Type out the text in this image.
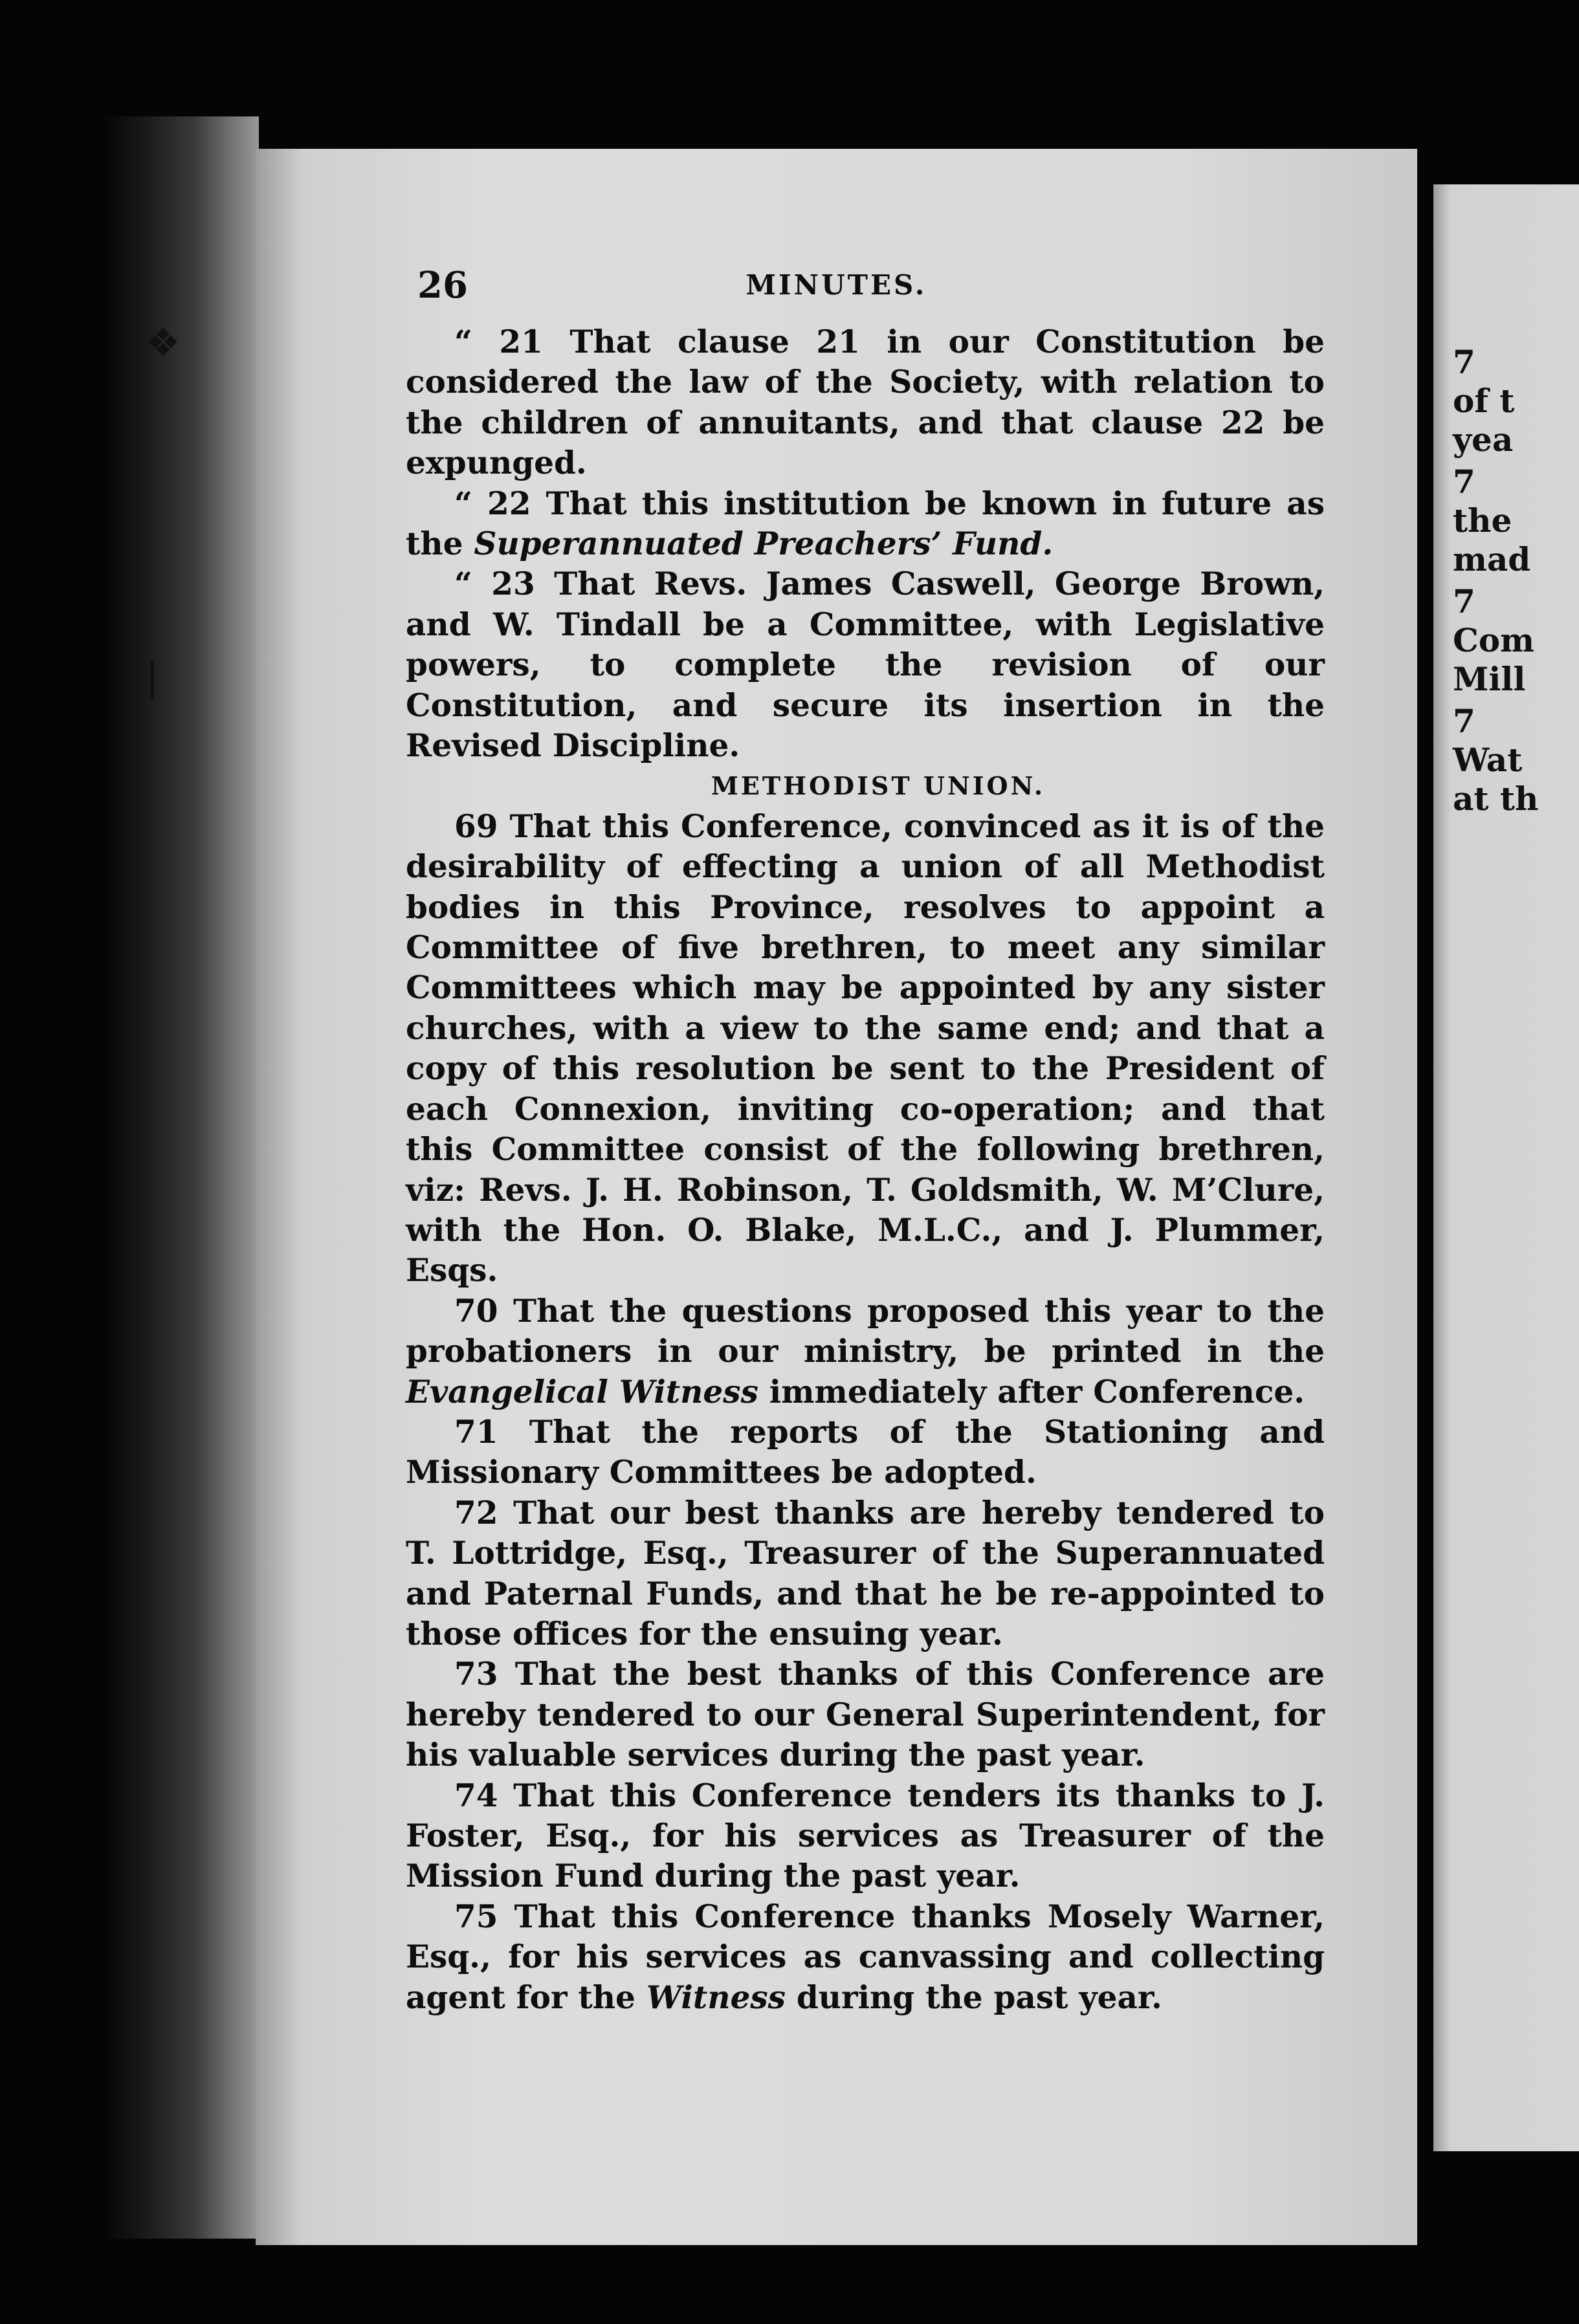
26	MINUTES.

“ 21 That clause 21 in our Constitution be considered the law of the Society, with relation to the children of annuitants, and that clause 22 be expunged.

“ 22 That this institution be known in future as the Superannuated Preachers’ Fund.

“ 23 That Revs. James Caswell, George Brown, and W. Tindall be a Committee, with Legislative powers, to complete the revision of our Constitution, and secure its insertion in the Revised Discipline.

METHODIST UNION.

69 That this Conference, convinced as it is of the desirability of effecting a union of all Methodist bodies in this Province, resolves to appoint a Committee of five brethren, to meet any similar Committees which may be appointed by any sister churches, with a view to the same end; and that a copy of this resolution be sent to the President of each Connexion, inviting co-operation; and that this Committee consist of the following brethren, viz: Revs. J. H. Robinson, T. Goldsmith, W. M’Clure, with the Hon. O. Blake, M.L.C., and J. Plummer, Esqs.

70 That the questions proposed this year to the probationers in our ministry, be printed in the Evangelical Witness immediately after Conference.

71 That the reports of the Stationing and Missionary Committees be adopted.

72 That our best thanks are hereby tendered to T. Lottridge, Esq., Treasurer of the Superannuated and Paternal Funds, and that he be re-appointed to those offices for the ensuing year.

73 That the best thanks of this Conference are hereby tendered to our General Superintendent, for his valuable services during the past year.

74 That this Conference tenders its thanks to J. Foster, Esq., for his services as Treasurer of the Mission Fund during the past year.

75 That this Conference thanks Mosely Warner, Esq., for his services as canvassing and collecting agent for the Witness during the past year.

❖
❘
7
of t
yea
7
the
mad
7
Com
Mill
7
Wat
at th
